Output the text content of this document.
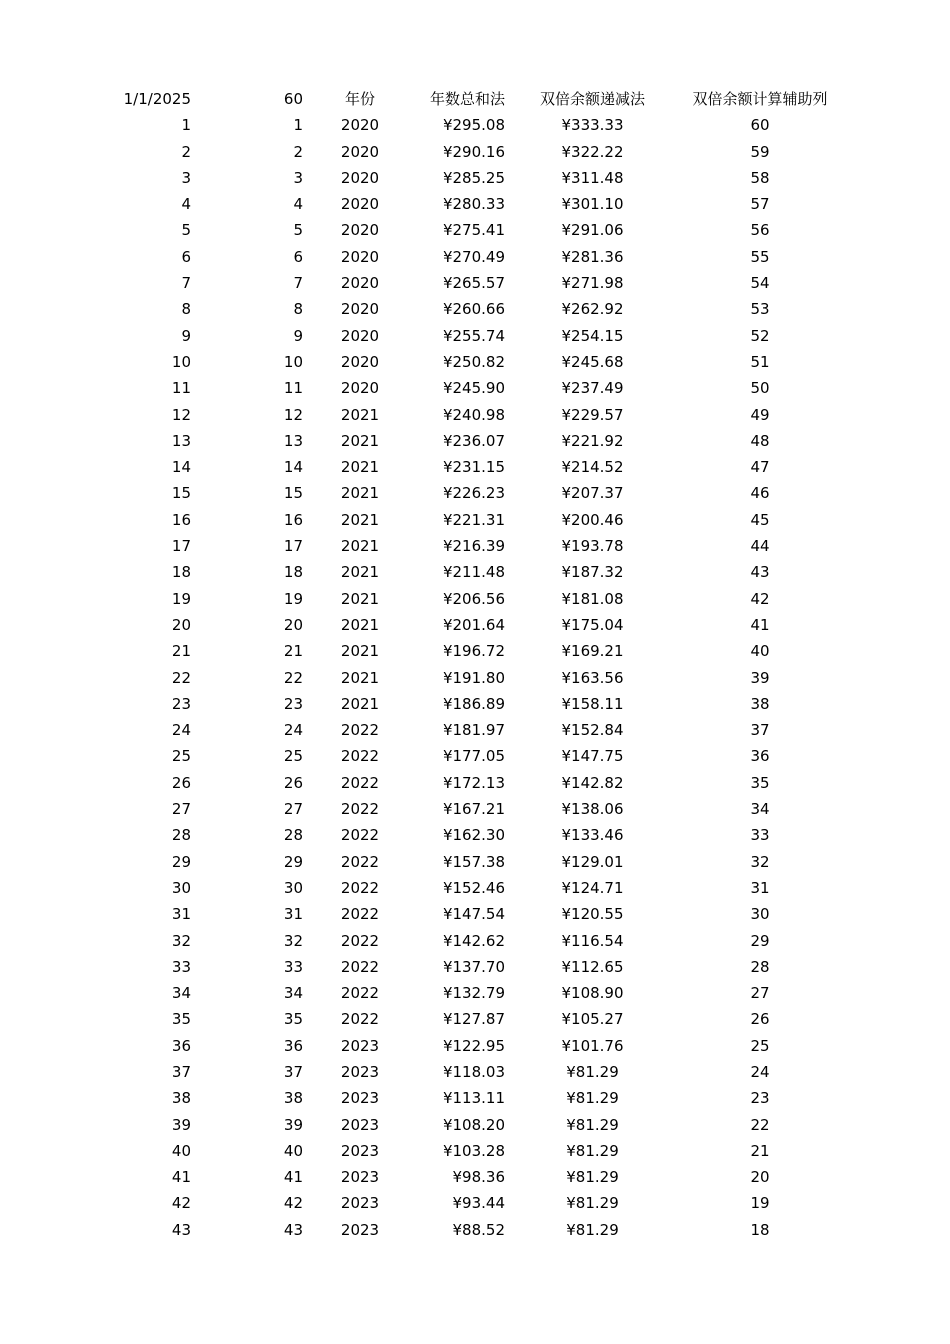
1/1/2025	60	年份	年数总和法	双倍余额递减法	双倍余额计算辅助列
1	1	2020	¥295.08	¥333.33	60
2	2	2020	¥290.16	¥322.22	59
3	3	2020	¥285.25	¥311.48	58
4	4	2020	¥280.33	¥301.10	57
5	5	2020	¥275.41	¥291.06	56
6	6	2020	¥270.49	¥281.36	55
7	7	2020	¥265.57	¥271.98	54
8	8	2020	¥260.66	¥262.92	53
9	9	2020	¥255.74	¥254.15	52
10	10	2020	¥250.82	¥245.68	51
11	11	2020	¥245.90	¥237.49	50
12	12	2021	¥240.98	¥229.57	49
13	13	2021	¥236.07	¥221.92	48
14	14	2021	¥231.15	¥214.52	47
15	15	2021	¥226.23	¥207.37	46
16	16	2021	¥221.31	¥200.46	45
17	17	2021	¥216.39	¥193.78	44
18	18	2021	¥211.48	¥187.32	43
19	19	2021	¥206.56	¥181.08	42
20	20	2021	¥201.64	¥175.04	41
21	21	2021	¥196.72	¥169.21	40
22	22	2021	¥191.80	¥163.56	39
23	23	2021	¥186.89	¥158.11	38
24	24	2022	¥181.97	¥152.84	37
25	25	2022	¥177.05	¥147.75	36
26	26	2022	¥172.13	¥142.82	35
27	27	2022	¥167.21	¥138.06	34
28	28	2022	¥162.30	¥133.46	33
29	29	2022	¥157.38	¥129.01	32
30	30	2022	¥152.46	¥124.71	31
31	31	2022	¥147.54	¥120.55	30
32	32	2022	¥142.62	¥116.54	29
33	33	2022	¥137.70	¥112.65	28
34	34	2022	¥132.79	¥108.90	27
35	35	2022	¥127.87	¥105.27	26
36	36	2023	¥122.95	¥101.76	25
37	37	2023	¥118.03	¥81.29	24
38	38	2023	¥113.11	¥81.29	23
39	39	2023	¥108.20	¥81.29	22
40	40	2023	¥103.28	¥81.29	21
41	41	2023	¥98.36	¥81.29	20
42	42	2023	¥93.44	¥81.29	19
43	43	2023	¥88.52	¥81.29	18
